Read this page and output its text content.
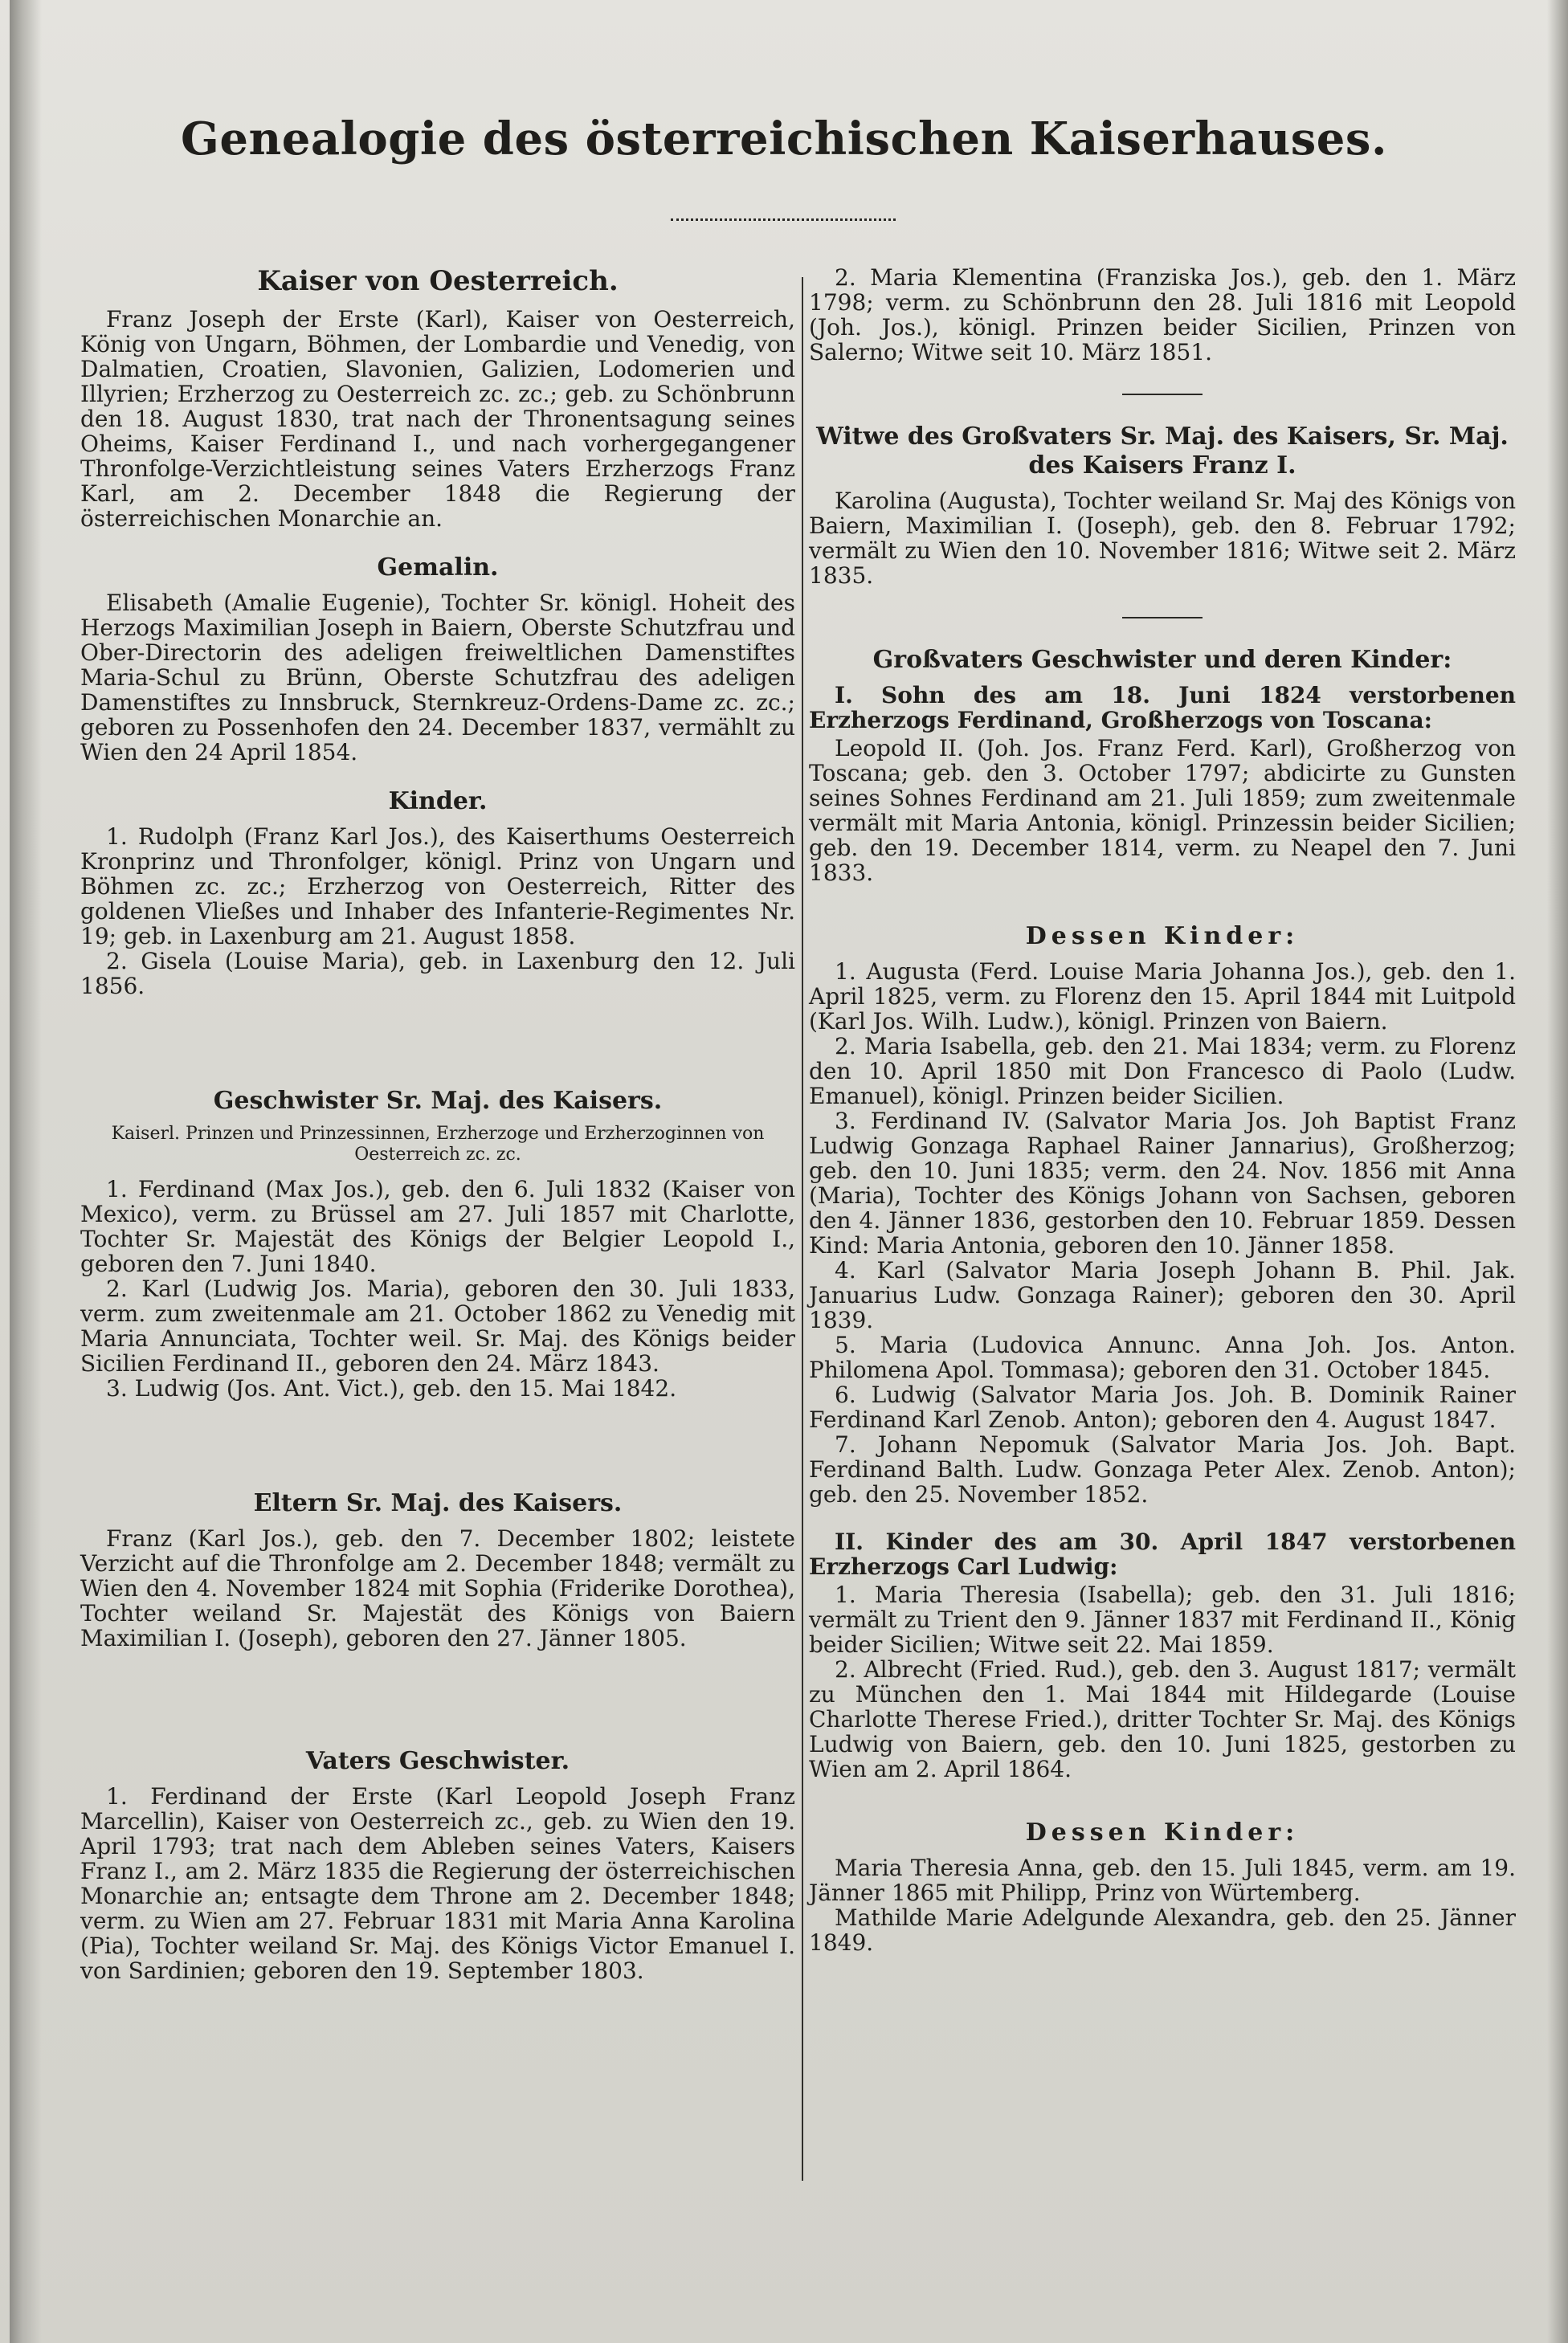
Genealogie des österreichischen Kaiserhauses.
Kaiser von Oesterreich.

Franz Joseph der Erste (Karl), Kaiser von Oesterreich, König von Ungarn, Böhmen, der Lombardie und Venedig, von Dalmatien, Croatien, Slavonien, Galizien, Lodomerien und Illyrien; Erzherzog zu Oesterreich zc. zc.; geb. zu Schönbrunn den 18. August 1830, trat nach der Thronentsagung seines Oheims, Kaiser Ferdinand I., und nach vorhergegangener Thronfolge-Verzichtleistung seines Vaters Erzherzogs Franz Karl, am 2. December 1848 die Regierung der österreichischen Monarchie an.

Gemalin.

Elisabeth (Amalie Eugenie), Tochter Sr. königl. Hoheit des Herzogs Maximilian Joseph in Baiern, Oberste Schutzfrau und Ober-Directorin des adeligen freiweltlichen Damenstiftes Maria-Schul zu Brünn, Oberste Schutzfrau des adeligen Damenstiftes zu Innsbruck, Sternkreuz-Ordens-Dame zc. zc.; geboren zu Possenhofen den 24. December 1837, vermählt zu Wien den 24 April 1854.

Kinder.

1. Rudolph (Franz Karl Jos.), des Kaiserthums Oesterreich Kronprinz und Thronfolger, königl. Prinz von Ungarn und Böhmen zc. zc.; Erzherzog von Oesterreich, Ritter des goldenen Vließes und Inhaber des Infanterie-Regimentes Nr. 19; geb. in Laxenburg am 21. August 1858.

2. Gisela (Louise Maria), geb. in Laxenburg den 12. Juli 1856.

Geschwister Sr. Maj. des Kaisers.

Kaiserl. Prinzen und Prinzessinnen, Erzherzoge und Erzherzoginnen von Oesterreich zc. zc.

1. Ferdinand (Max Jos.), geb. den 6. Juli 1832 (Kaiser von Mexico), verm. zu Brüssel am 27. Juli 1857 mit Charlotte, Tochter Sr. Majestät des Königs der Belgier Leopold I., geboren den 7. Juni 1840.

2. Karl (Ludwig Jos. Maria), geboren den 30. Juli 1833, verm. zum zweitenmale am 21. October 1862 zu Venedig mit Maria Annunciata, Tochter weil. Sr. Maj. des Königs beider Sicilien Ferdinand II., geboren den 24. März 1843.

3. Ludwig (Jos. Ant. Vict.), geb. den 15. Mai 1842.

Eltern Sr. Maj. des Kaisers.

Franz (Karl Jos.), geb. den 7. December 1802; leistete Verzicht auf die Thronfolge am 2. December 1848; vermält zu Wien den 4. November 1824 mit Sophia (Friderike Dorothea), Tochter weiland Sr. Majestät des Königs von Baiern Maximilian I. (Joseph), geboren den 27. Jänner 1805.

Vaters Geschwister.

1. Ferdinand der Erste (Karl Leopold Joseph Franz Marcellin), Kaiser von Oesterreich zc., geb. zu Wien den 19. April 1793; trat nach dem Ableben seines Vaters, Kaisers Franz I., am 2. März 1835 die Regierung der österreichischen Monarchie an; entsagte dem Throne am 2. December 1848; verm. zu Wien am 27. Februar 1831 mit Maria Anna Karolina (Pia), Tochter weiland Sr. Maj. des Königs Victor Emanuel I. von Sardinien; geboren den 19. September 1803.

2. Maria Klementina (Franziska Jos.), geb. den 1. März 1798; verm. zu Schönbrunn den 28. Juli 1816 mit Leopold (Joh. Jos.), königl. Prinzen beider Sicilien, Prinzen von Salerno; Witwe seit 10. März 1851.

Witwe des Großvaters Sr. Maj. des Kaisers, Sr. Maj. des Kaisers Franz I.

Karolina (Augusta), Tochter weiland Sr. Maj des Königs von Baiern, Maximilian I. (Joseph), geb. den 8. Februar 1792; vermält zu Wien den 10. November 1816; Witwe seit 2. März 1835.

Großvaters Geschwister und deren Kinder:

I. Sohn des am 18. Juni 1824 verstorbenen Erzherzogs Ferdinand, Großherzogs von Toscana:

Leopold II. (Joh. Jos. Franz Ferd. Karl), Großherzog von Toscana; geb. den 3. October 1797; abdicirte zu Gunsten seines Sohnes Ferdinand am 21. Juli 1859; zum zweitenmale vermält mit Maria Antonia, königl. Prinzessin beider Sicilien; geb. den 19. December 1814, verm. zu Neapel den 7. Juni 1833.

Dessen Kinder:

1. Augusta (Ferd. Louise Maria Johanna Jos.), geb. den 1. April 1825, verm. zu Florenz den 15. April 1844 mit Luitpold (Karl Jos. Wilh. Ludw.), königl. Prinzen von Baiern.

2. Maria Isabella, geb. den 21. Mai 1834; verm. zu Florenz den 10. April 1850 mit Don Francesco di Paolo (Ludw. Emanuel), königl. Prinzen beider Sicilien.

3. Ferdinand IV. (Salvator Maria Jos. Joh Baptist Franz Ludwig Gonzaga Raphael Rainer Jannarius), Großherzog; geb. den 10. Juni 1835; verm. den 24. Nov. 1856 mit Anna (Maria), Tochter des Königs Johann von Sachsen, geboren den 4. Jänner 1836, gestorben den 10. Februar 1859. Dessen Kind: Maria Antonia, geboren den 10. Jänner 1858.

4. Karl (Salvator Maria Joseph Johann B. Phil. Jak. Januarius Ludw. Gonzaga Rainer); geboren den 30. April 1839.

5. Maria (Ludovica Annunc. Anna Joh. Jos. Anton. Philomena Apol. Tommasa); geboren den 31. October 1845.

6. Ludwig (Salvator Maria Jos. Joh. B. Dominik Rainer Ferdinand Karl Zenob. Anton); geboren den 4. August 1847.

7. Johann Nepomuk (Salvator Maria Jos. Joh. Bapt. Ferdinand Balth. Ludw. Gonzaga Peter Alex. Zenob. Anton); geb. den 25. November 1852.

II. Kinder des am 30. April 1847 verstorbenen Erzherzogs Carl Ludwig:

1. Maria Theresia (Isabella); geb. den 31. Juli 1816; vermält zu Trient den 9. Jänner 1837 mit Ferdinand II., König beider Sicilien; Witwe seit 22. Mai 1859.

2. Albrecht (Fried. Rud.), geb. den 3. August 1817; vermält zu München den 1. Mai 1844 mit Hildegarde (Louise Charlotte Therese Fried.), dritter Tochter Sr. Maj. des Königs Ludwig von Baiern, geb. den 10. Juni 1825, gestorben zu Wien am 2. April 1864.

Dessen Kinder:

Maria Theresia Anna, geb. den 15. Juli 1845, verm. am 19. Jänner 1865 mit Philipp, Prinz von Würtemberg.

Mathilde Marie Adelgunde Alexandra, geb. den 25. Jänner 1849.
